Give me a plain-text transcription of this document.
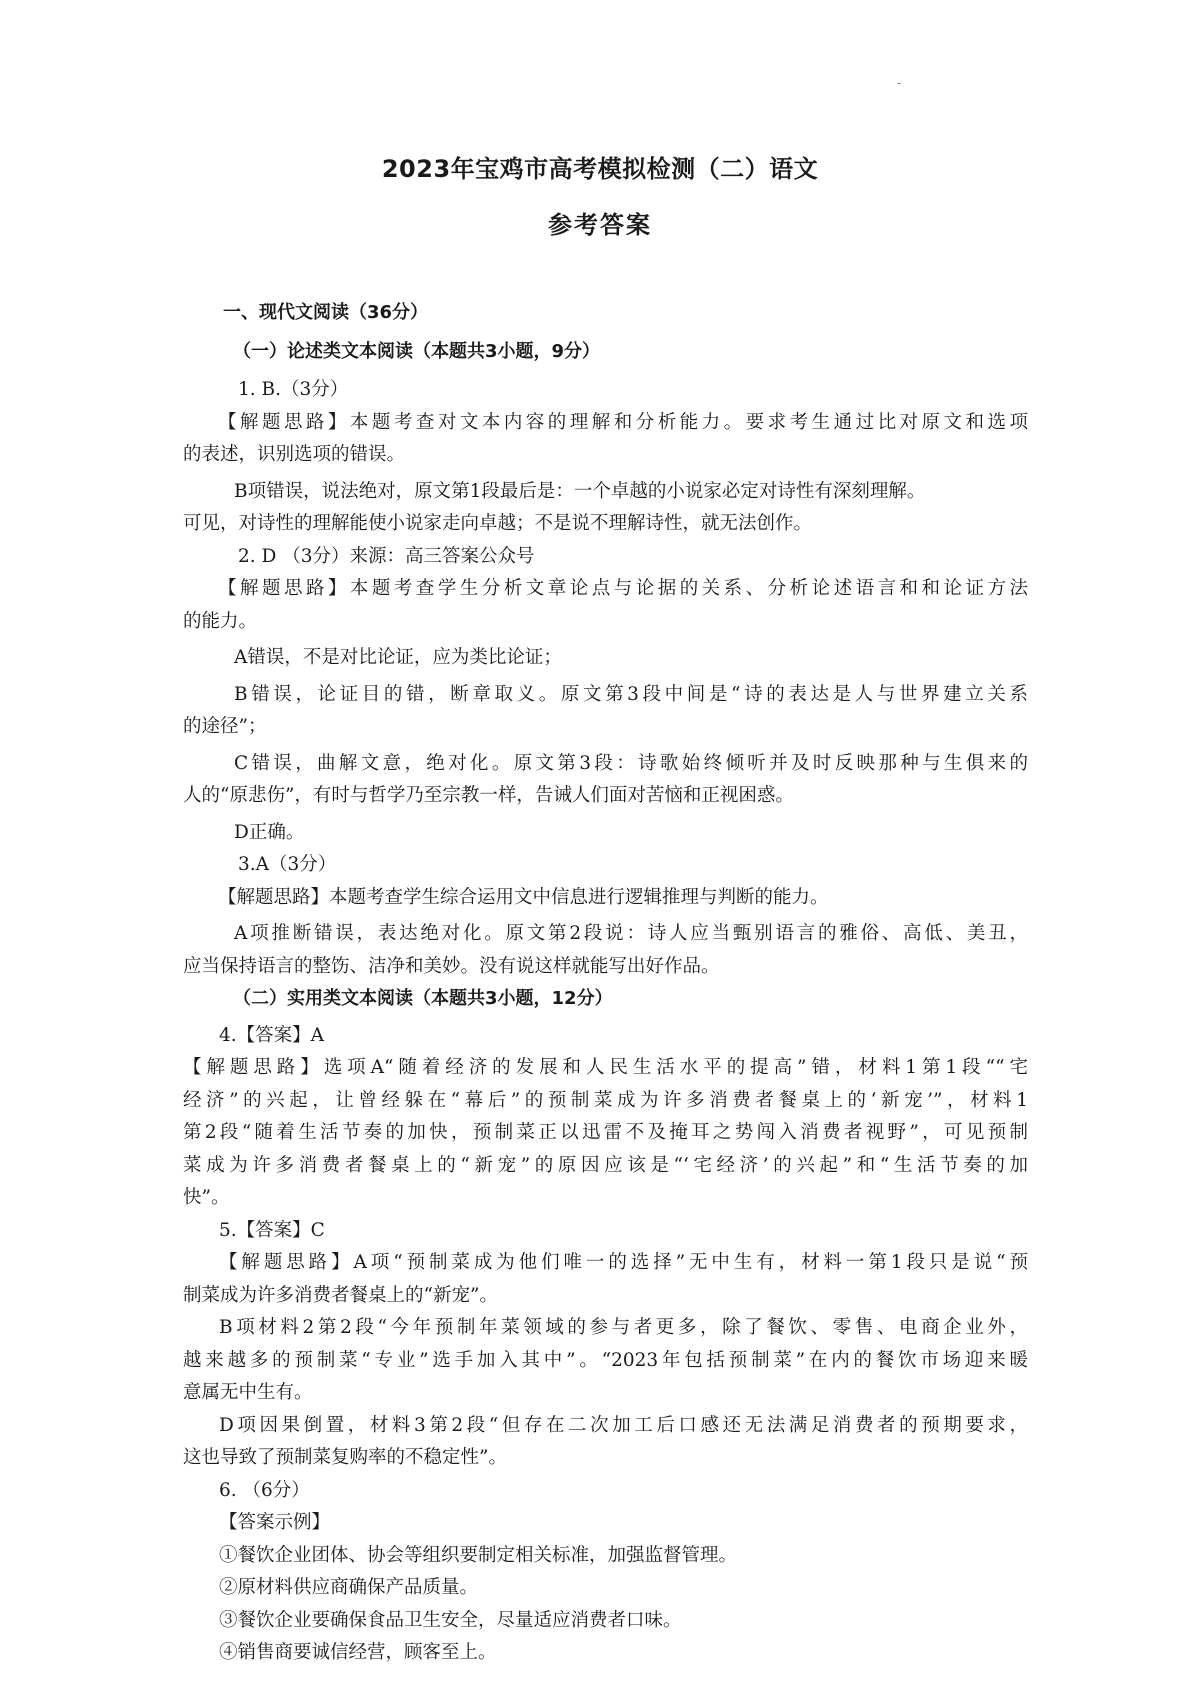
-
2023年宝鸡市高考模拟检测（二）语文
参考答案

一、现代文阅读（36分）

（一）论述类文本阅读（本题共3小题，9分）

1. B.（3分）

【解题思路】本题考查对文本内容的理解和分析能力。要求考生通过比对原文和选项

的表述，识别选项的错误。

B项错误，说法绝对，原文第1段最后是：一个卓越的小说家必定对诗性有深刻理解。

可见，对诗性的理解能使小说家走向卓越；不是说不理解诗性，就无法创作。

2. D （3分）来源：高三答案公众号

【解题思路】本题考查学生分析文章论点与论据的关系、分析论述语言和和论证方法

的能力。

A错误，不是对比论证，应为类比论证；

B错误，论证目的错，断章取义。原文第3段中间是“诗的表达是人与世界建立关系

的途径”；

C错误，曲解文意，绝对化。原文第3段：诗歌始终倾听并及时反映那种与生俱来的

人的“原悲伤”，有时与哲学乃至宗教一样，告诫人们面对苦恼和正视困惑。

D正确。

3.A（3分）

【解题思路】本题考查学生综合运用文中信息进行逻辑推理与判断的能力。

A项推断错误，表达绝对化。原文第2段说：诗人应当甄别语言的雅俗、高低、美丑，

应当保持语言的整饬、洁净和美妙。没有说这样就能写出好作品。

（二）实用类文本阅读（本题共3小题，12分）

4.【答案】A

【解题思路】选项A“随着经济的发展和人民生活水平的提高”错，材料1第1段““宅

经济”的兴起，让曾经躲在“幕后”的预制菜成为许多消费者餐桌上的‘新宠’”，材料1

第2段“随着生活节奏的加快，预制菜正以迅雷不及掩耳之势闯入消费者视野”，可见预制

菜成为许多消费者餐桌上的“新宠”的原因应该是“‘宅经济’的兴起”和“生活节奏的加

快”。

5.【答案】C

【解题思路】A项“预制菜成为他们唯一的选择”无中生有，材料一第1段只是说“预

制菜成为许多消费者餐桌上的“新宠”。

B项材料2第2段“今年预制年菜领域的参与者更多，除了餐饮、零售、电商企业外，

越来越多的预制菜“专业”选手加入其中”。“2023年包括预制菜”在内的餐饮市场迎来暖

意属无中生有。

D项因果倒置，材料3第2段“但存在二次加工后口感还无法满足消费者的预期要求，

这也导致了预制菜复购率的不稳定性”。

6. （6分）

【答案示例】

①餐饮企业团体、协会等组织要制定相关标准，加强监督管理。

②原材料供应商确保产品质量。

③餐饮企业要确保食品卫生安全，尽量适应消费者口味。

④销售商要诚信经营，顾客至上。
